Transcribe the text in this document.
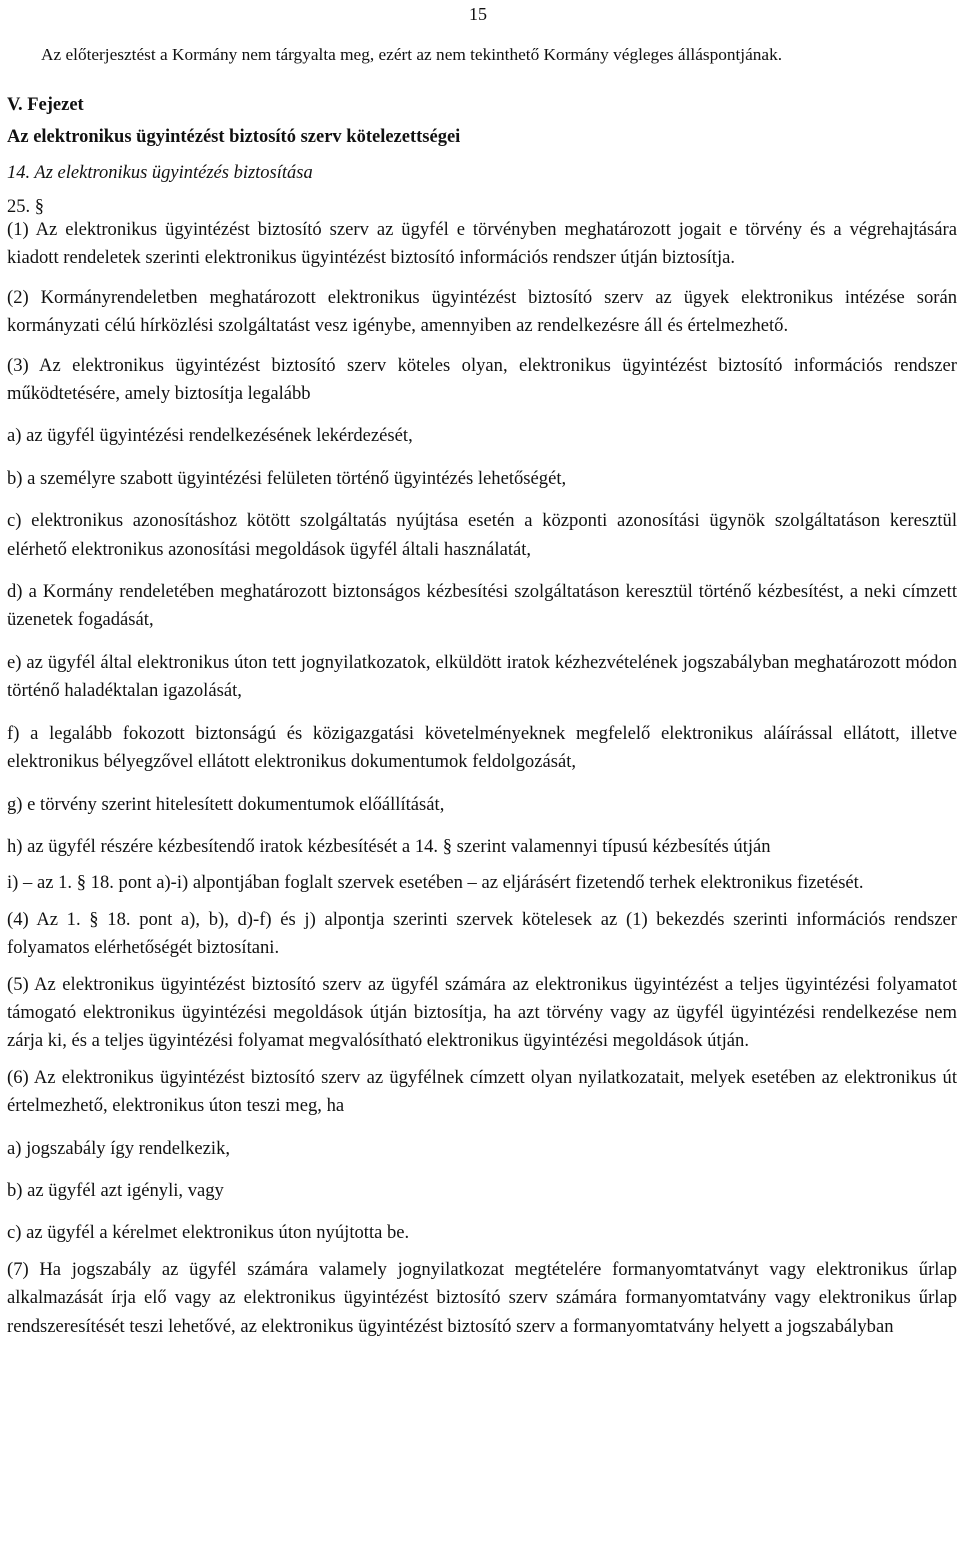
15
Az előterjesztést a Kormány nem tárgyalta meg, ezért az nem tekinthető Kormány végleges álláspontjának.
V. Fejezet
Az elektronikus ügyintézést biztosító szerv kötelezettségei
14. Az elektronikus ügyintézés biztosítása
25. §

(1) Az elektronikus ügyintézést biztosító szerv az ügyfél e törvényben meghatározott jogait e törvény és a végrehajtására kiadott rendeletek szerinti elektronikus ügyintézést biztosító információs rendszer útján biztosítja.

(2) Kormányrendeletben meghatározott elektronikus ügyintézést biztosító szerv az ügyek elektronikus intézése során kormányzati célú hírközlési szolgáltatást vesz igénybe, amennyiben az rendelkezésre áll és értelmezhető.

(3) Az elektronikus ügyintézést biztosító szerv köteles olyan, elektronikus ügyintézést biztosító információs rendszer működtetésére, amely biztosítja legalább

a) az ügyfél ügyintézési rendelkezésének lekérdezését,

b) a személyre szabott ügyintézési felületen történő ügyintézés lehetőségét,

c) elektronikus azonosításhoz kötött szolgáltatás nyújtása esetén a központi azonosítási ügynök szolgáltatáson keresztül elérhető elektronikus azonosítási megoldások ügyfél általi használatát,

d) a Kormány rendeletében meghatározott biztonságos kézbesítési szolgáltatáson keresztül történő kézbesítést, a neki címzett üzenetek fogadását,

e) az ügyfél által elektronikus úton tett jognyilatkozatok, elküldött iratok kézhezvételének jogszabályban meghatározott módon történő haladéktalan igazolását,

f) a legalább fokozott biztonságú és közigazgatási követelményeknek megfelelő elektronikus aláírással ellátott, illetve elektronikus bélyegzővel ellátott elektronikus dokumentumok feldolgozását,

g) e törvény szerint hitelesített dokumentumok előállítását,

h) az ügyfél részére kézbesítendő iratok kézbesítését a 14. § szerint valamennyi típusú kézbesítés útján

i) – az 1. § 18. pont a)-i) alpontjában foglalt szervek esetében – az eljárásért fizetendő terhek elektronikus fizetését.

(4) Az 1. § 18. pont a), b), d)-f) és j) alpontja szerinti szervek kötelesek az (1) bekezdés szerinti információs rendszer folyamatos elérhetőségét biztosítani.

(5) Az elektronikus ügyintézést biztosító szerv az ügyfél számára az elektronikus ügyintézést a teljes ügyintézési folyamatot támogató elektronikus ügyintézési megoldások útján biztosítja, ha azt törvény vagy az ügyfél ügyintézési rendelkezése nem zárja ki, és a teljes ügyintézési folyamat megvalósítható elektronikus ügyintézési megoldások útján.

(6) Az elektronikus ügyintézést biztosító szerv az ügyfélnek címzett olyan nyilatkozatait, melyek esetében az elektronikus út értelmezhető, elektronikus úton teszi meg, ha

a) jogszabály így rendelkezik,

b) az ügyfél azt igényli, vagy

c) az ügyfél a kérelmet elektronikus úton nyújtotta be.

(7) Ha jogszabály az ügyfél számára valamely jognyilatkozat megtételére formanyomtatványt vagy elektronikus űrlap alkalmazását írja elő vagy az elektronikus ügyintézést biztosító szerv számára formanyomtatvány vagy elektronikus űrlap rendszeresítését teszi lehetővé, az elektronikus ügyintézést biztosító szerv a formanyomtatvány helyett a jogszabályban
